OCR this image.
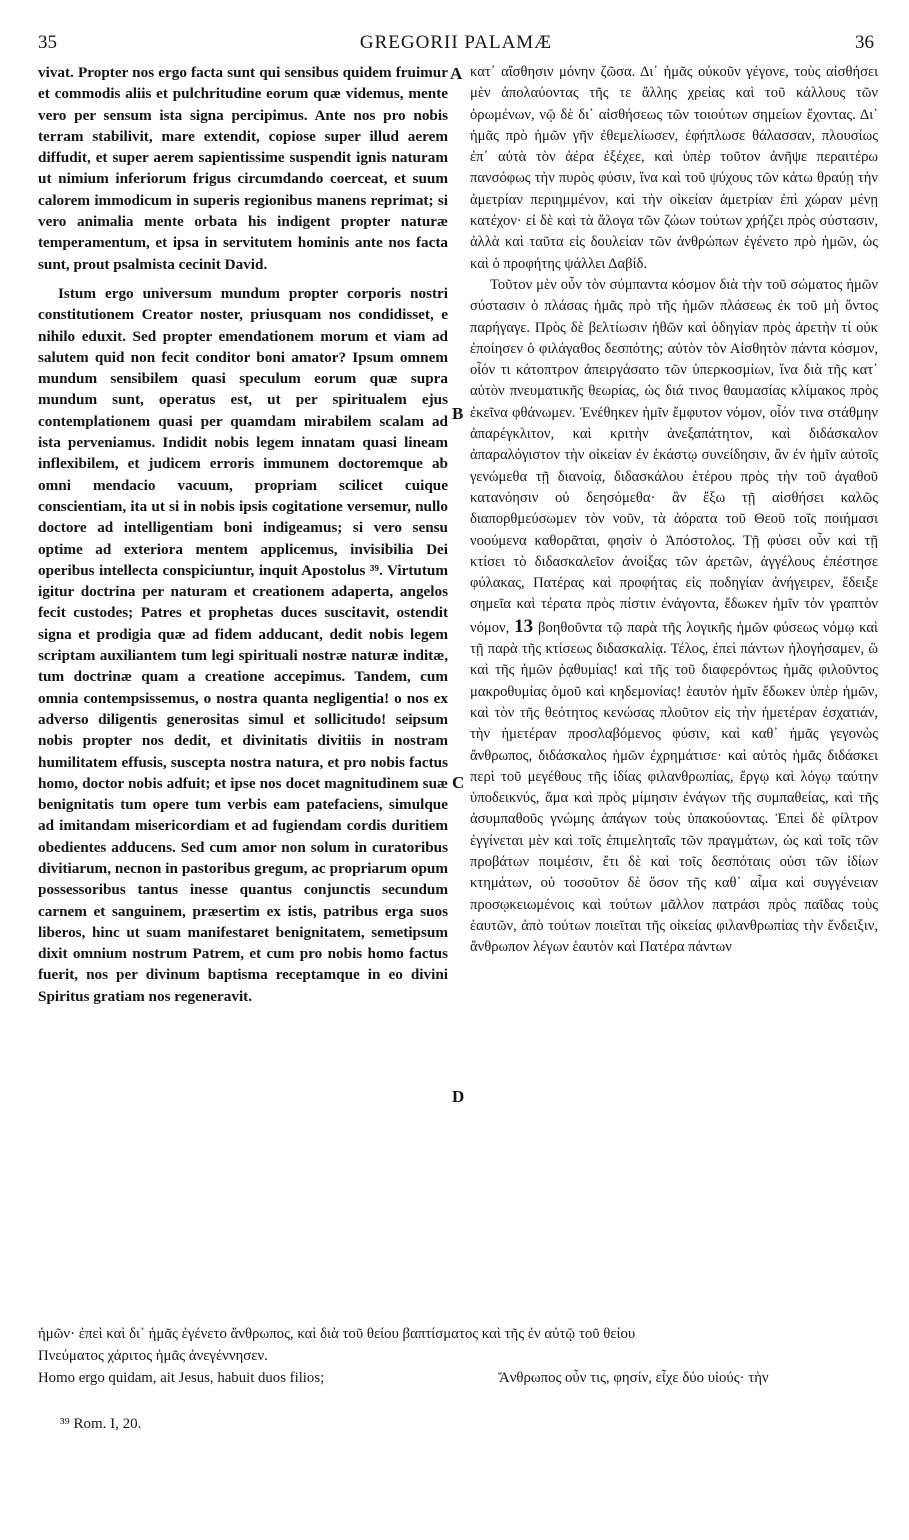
35	GREGORII PALAMÆ	36

vivat. Propter nos ergo facta sunt qui sensibus quidem fruimur et commodis aliis et pulchritudine eorum quæ videmus, mente vero per sensum ista signa percipimus. Ante nos pro nobis terram stabilivit, mare extendit, copiose super illud aerem diffudit, et super aerem sapientissime suspendit ignis naturam ut nimium inferiorum frigus circumdando coerceat, et suum calorem immodicum in superis regionibus manens reprimat; si vero animalia mente orbata his indigent propter naturæ temperamentum, et ipsa in servitutem hominis ante nos facta sunt, prout psalmista cecinit David.

Istum ergo universum mundum propter corporis nostri constitutionem Creator noster, priusquam nos condidisset, e nihilo eduxit. Sed propter emendationem morum et viam ad salutem quid non fecit conditor boni amator? Ipsum omnem mundum sensibilem quasi speculum eorum quæ supra mundum sunt, operatus est, ut per spiritualem ejus contemplationem quasi per quamdam mirabilem scalam ad ista perveniamus. Indidit nobis legem innatam quasi lineam inflexibilem, et judicem erroris immunem doctoremque ab omni mendacio vacuum, propriam scilicet cuique conscientiam, ita ut si in nobis ipsis cogitatione versemur, nullo doctore ad intelligentiam boni indigeamus; si vero sensu optime ad exteriora mentem applicemus, invisibilia Dei operibus intellecta conspiciuntur, inquit Apostolus ³⁹. Virtutum igitur doctrina per naturam et creationem adaperta, angelos fecit custodes; Patres et prophetas duces suscitavit, ostendit signa et prodigia quæ ad fidem adducant, dedit nobis legem scriptam auxiliantem tum legi spirituali nostræ naturæ inditæ, tum doctrinæ quam a creatione accepimus. Tandem, cum omnia contempsissemus, o nostra quanta negligentia! o nos ex adverso diligentis generositas simul et sollicitudo! seipsum nobis propter nos dedit, et divinitatis divitiis in nostram humilitatem effusis, suscepta nostra natura, et pro nobis factus homo, doctor nobis adfuit; et ipse nos docet magnitudinem suæ benignitatis tum opere tum verbis eam patefaciens, simulque ad imitandam misericordiam et ad fugiendam cordis duritiem obedientes adducens. Sed cum amor non solum in curatoribus divitiarum, necnon in pastoribus gregum, ac propriarum opum possessoribus tantus inesse quantus conjunctis secundum carnem et sanguinem, præsertim ex istis, patribus erga suos liberos, hinc ut suam manifestaret benignitatem, semetipsum dixit omnium nostrum Patrem, et cum pro nobis homo factus fuerit, nos per divinum baptisma receptamque in eo divini Spiritus gratiam nos regeneravit.

κατ᾽ αἴσθησιν μόνην ζῶσα. Δι᾽ ἡμᾶς οὐκοῦν γέγονε, τοὺς αἰσθήσει μὲν ἀπολαύοντας τῆς τε ἄλλης χρείας καὶ τοῦ κάλλους τῶν ὁρωμένων, νῷ δὲ δι᾽ αἰσθήσεως τῶν τοιούτων σημείων ἔχοντας. Δι᾽ ἡμᾶς πρὸ ἡμῶν γῆν ἐθεμελίωσεν, ἐφήπλωσε θάλασσαν, πλουσίως ἐπ᾽ αὐτὰ τὸν ἀέρα ἐξέχεε, καὶ ὑπὲρ τοῦτον ἀνῆψε περαιτέρω πανσόφως τὴν πυρὸς φύσιν, ἵνα καὶ τοῦ ψύχους τῶν κάτω θραύῃ τὴν ἀμετρίαν περιημμένον, καὶ τὴν οἰκείαν ἀμετρίαν ἐπὶ χώραν μένῃ κατέχον· εἰ δὲ καὶ τὰ ἄλογα τῶν ζώων τούτων χρήζει πρὸς σύστασιν, ἀλλὰ καὶ ταῦτα εἰς δουλείαν τῶν ἀνθρώπων ἐγένετο πρὸ ἡμῶν, ὡς καὶ ὁ προφήτης ψάλλει Δαβίδ.

Τοῦτον μὲν οὖν τὸν σύμπαντα κόσμον διὰ τὴν τοῦ σώματος ἡμῶν σύστασιν ὁ πλάσας ἡμᾶς πρὸ τῆς ἡμῶν πλάσεως ἐκ τοῦ μὴ ὄντος παρήγαγε. Πρὸς δὲ βελτίωσιν ἠθῶν καὶ ὁδηγίαν πρὸς ἀρετὴν τί οὐκ ἐποίησεν ὁ φιλάγαθος δεσπότης; αὐτὸν τὸν Αἰσθητὸν πάντα κόσμον, οἷόν τι κάτοπτρον ἀπειργάσατο τῶν ὑπερκοσμίων, ἵνα διὰ τῆς κατ᾽ αὐτὸν πνευματικῆς θεωρίας, ὡς διά τινος θαυμασίας κλίμακος πρὸς ἐκεῖνα φθάνωμεν. Ἐνέθηκεν ἡμῖν ἔμφυτον νόμον, οἷόν τινα στάθμην ἀπαρέγκλιτον, καὶ κριτὴν ἀνεξαπάτητον, καὶ διδάσκαλον ἀπαραλόγιστον τὴν οἰκείαν ἐν ἑκάστῳ συνείδησιν, ἂν ἐν ἡμῖν αὐτοῖς γενώμεθα τῇ διανοίᾳ, διδασκάλου ἑτέρου πρὸς τὴν τοῦ ἀγαθοῦ κατανόησιν οὐ δεησόμεθα· ἂν ἔξω τῇ αἰσθήσει καλῶς διαπορθμεύσωμεν τὸν νοῦν, τὰ ἀόρατα τοῦ Θεοῦ τοῖς ποιήμασι νοούμενα καθορᾶται, φησὶν ὁ Ἀπόστολος. Τῇ φύσει οὖν καὶ τῇ κτίσει τὸ διδασκαλεῖον ἀνοίξας τῶν ἀρετῶν, ἀγγέλους ἐπέστησε φύλακας, Πατέρας καὶ προφήτας εἰς ποδηγίαν ἀνήγειρεν, ἔδειξε σημεῖα καὶ τέρατα πρὸς πίστιν ἐνάγοντα, ἔδωκεν ἡμῖν τὸν γραπτὸν νόμον, 13 βοηθοῦντα τῷ παρὰ τῆς λογικῆς ἡμῶν φύσεως νόμῳ καὶ τῇ παρὰ τῆς κτίσεως διδασκαλίᾳ. Τέλος, ἐπεὶ πάντων ἠλογήσαμεν, ὢ καὶ τῆς ἡμῶν ῥᾳθυμίας! καὶ τῆς τοῦ διαφερόντως ἡμᾶς φιλοῦντος μακροθυμίας ὁμοῦ καὶ κηδεμονίας! ἑαυτὸν ἡμῖν ἔδωκεν ὑπὲρ ἡμῶν, καὶ τὸν τῆς θεότητος κενώσας πλοῦτον εἰς τὴν ἡμετέραν ἐσχατιάν, τὴν ἡμετέραν προσλαβόμενος φύσιν, καὶ καθ᾽ ἡμᾶς γεγονὼς ἄνθρωπος, διδάσκαλος ἡμῶν ἐχρημάτισε· καὶ αὐτὸς ἡμᾶς διδάσκει περὶ τοῦ μεγέθους τῆς ἰδίας φιλανθρωπίας, ἔργῳ καὶ λόγῳ ταύτην ὑποδεικνύς, ἅμα καὶ πρὸς μίμησιν ἐνάγων τῆς συμπαθείας, καὶ τῆς ἀσυμπαθοῦς γνώμης ἀπάγων τοὺς ὑπακούοντας. Ἐπεὶ δὲ φίλτρον ἐγγίνεται μὲν καὶ τοῖς ἐπιμεληταῖς τῶν πραγμάτων, ὡς καὶ τοῖς τῶν προβάτων ποιμέσιν, ἔτι δὲ καὶ τοῖς δεσπόταις οὐσι τῶν ἰδίων κτημάτων, οὐ τοσοῦτον δὲ ὅσον τῆς καθ᾽ αἷμα καὶ συγγένειαν προσῳκειωμένοις καὶ τούτων μᾶλλον πατράσι πρὸς παῖδας τοὺς ἑαυτῶν, ἀπὸ τούτων ποιεῖται τῆς οἰκείας φιλανθρωπίας τὴν ἔνδειξιν, ἄνθρωπον λέγων ἑαυτὸν καὶ Πατέρα πάντων

A
B
C
D
ἡμῶν· ἐπεὶ καὶ δι᾽ ἡμᾶς ἐγένετο ἄνθρωπος, καὶ διὰ τοῦ θείου βαπτίσματος καὶ τῆς ἐν αὐτῷ τοῦ θείου
Πνεύματος χάριτος ἡμᾶς ἀνεγέννησεν.
Homo ergo quidam, ait Jesus, habuit duos filios;	Ἄνθρωπος οὖν τις, φησίν, εἶχε δύο υἱούς· τὴν
³⁹ Rom. I, 20.
